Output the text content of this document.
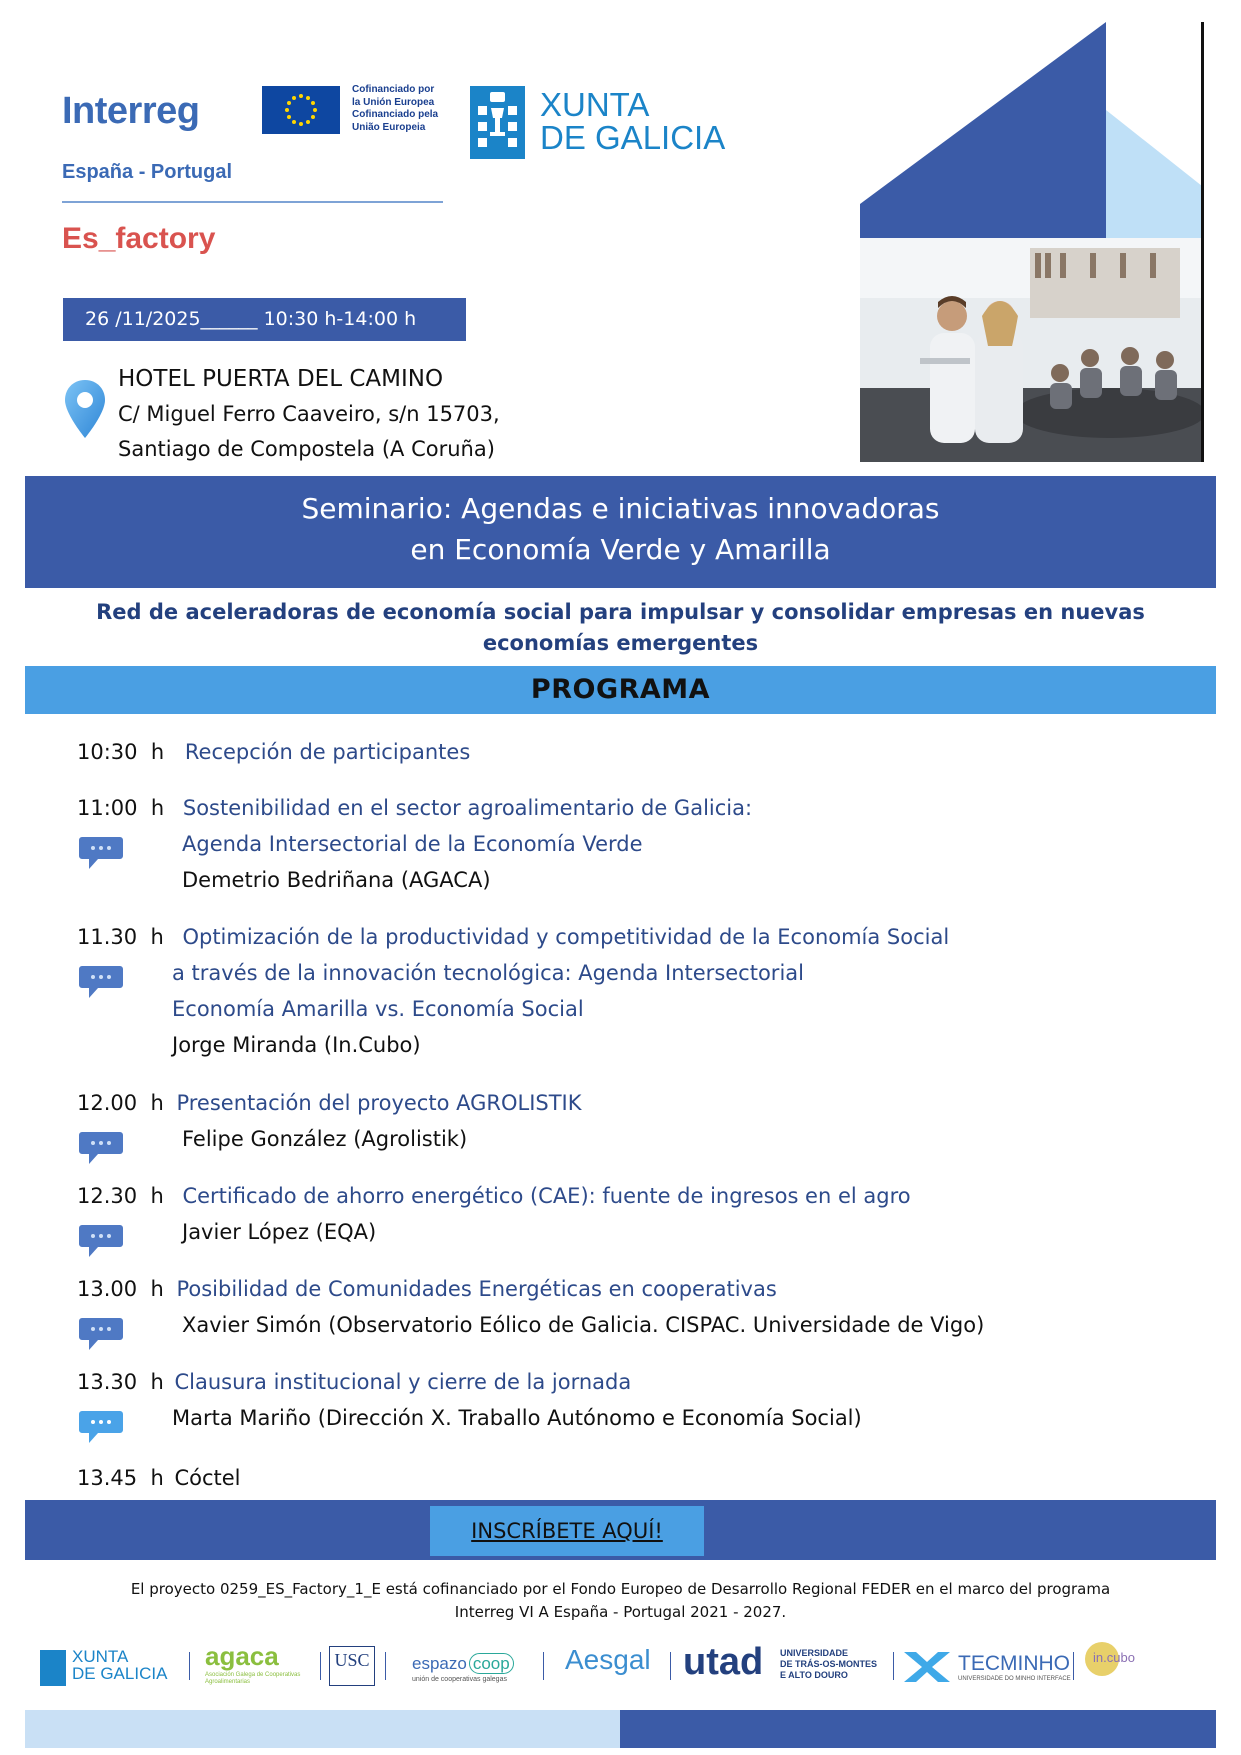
Interreg
Cofinanciado por
la Unión Europea
Cofinanciado pela
União Europeia
XUNTA
DE GALICIA
España - Portugal
Es_factory
26 /11/2025______ 10:30 h-14:00 h
HOTEL PUERTA DEL CAMINO
C/ Miguel Ferro Caaveiro, s/n 15703,
Santiago de Compostela (A Coruña)
Seminario: Agendas e iniciativas innovadoras
en Economía Verde y Amarilla
Red de aceleradoras de economía social para impulsar y consolidar empresas en nuevas
economías emergentes
PROGRAMA
10:30  h Recepción de participantes
11:00  h Sostenibilidad en el sector agroalimentario de Galicia:
Agenda Intersectorial de la Economía Verde
Demetrio Bedriñana (AGACA)
11.30  h Optimización de la productividad y competitividad de la Economía Social
a través de la innovación tecnológica: Agenda Intersectorial
Economía Amarilla vs. Economía Social
Jorge Miranda (In.Cubo)
12.00  h Presentación del proyecto AGROLISTIK
Felipe González (Agrolistik)
12.30  h Certificado de ahorro energético (CAE): fuente de ingresos en el agro
Javier López (EQA)
13.00  h Posibilidad de Comunidades Energéticas en cooperativas
Xavier Simón (Observatorio Eólico de Galicia. CISPAC. Universidade de Vigo)
13.30  h Clausura institucional y cierre de la jornada
Marta Mariño (Dirección X. Traballo Autónomo e Economía Social)
13.45  h Cóctel
INSCRÍBETE AQUÍ!
El proyecto 0259_ES_Factory_1_E está cofinanciado por el Fondo Europeo de Desarrollo Regional FEDER en el marco del programa
Interreg VI A España - Portugal 2021 - 2027.
XUNTA
DE GALICIA
agaca
Asociación Galega de Cooperativas Agroalimentarias
USC	espazo coop
unión de cooperativas galegas
Aesgal utad UNIVERSIDADE
DE TRÁS-OS-MONTES
E ALTO DOURO	TECMINHO
UNIVERSIDADE DO MINHO INTERFACE
in.cubo
